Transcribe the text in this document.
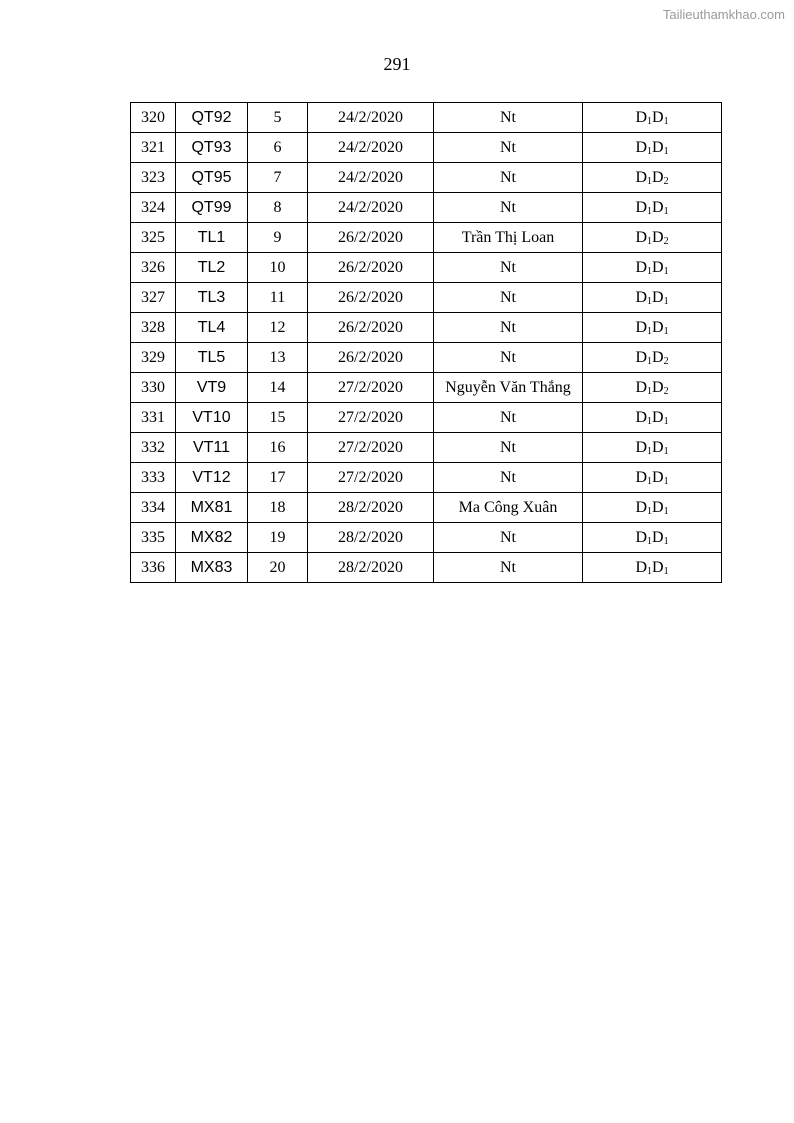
Tailieuthamkhao.com
291
320	QT92	5	24/2/2020	Nt	$D_1D_1$
321	QT93	6	24/2/2020	Nt	$D_1D_1$
323	QT95	7	24/2/2020	Nt	$D_1D_2$
324	QT99	8	24/2/2020	Nt	$D_1D_1$
325	TL1	9	26/2/2020	Trần Thị Loan	$D_1D_2$
326	TL2	10	26/2/2020	Nt	$D_1D_1$
327	TL3	11	26/2/2020	Nt	$D_1D_1$
328	TL4	12	26/2/2020	Nt	$D_1D_1$
329	TL5	13	26/2/2020	Nt	$D_1D_2$
330	VT9	14	27/2/2020	Nguyễn Văn Thắng	$D_1D_2$
331	VT10	15	27/2/2020	Nt	$D_1D_1$
332	VT11	16	27/2/2020	Nt	$D_1D_1$
333	VT12	17	27/2/2020	Nt	$D_1D_1$
334	MX81	18	28/2/2020	Ma Công Xuân	$D_1D_1$
335	MX82	19	28/2/2020	Nt	$D_1D_1$
336	MX83	20	28/2/2020	Nt	$D_1D_1$
